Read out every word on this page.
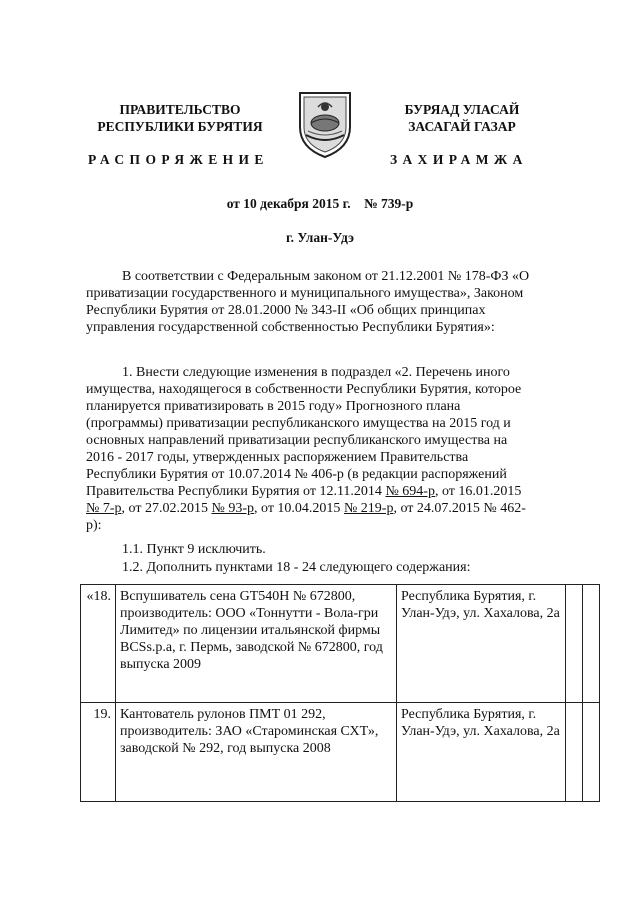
ПРАВИТЕЛЬСТВО
РЕСПУБЛИКИ БУРЯТИЯ
БУРЯАД УЛАСАЙ
ЗАСАГАЙ ГАЗАР
РАСПОРЯЖЕНИЕ	ЗАХИРАМЖА
от 10 декабря 2015 г.    № 739-р
г. Улан-Удэ
В соответствии с Федеральным законом от 21.12.2001 № 178-ФЗ «О
приватизации государственного и муниципального имущества», Законом
Республики Бурятия от 28.01.2000 № 343-II «Об общих принципах
управления государственной собственностью Республики Бурятия»:
1. Внести следующие изменения в подраздел «2. Перечень иного
имущества, находящегося в собственности Республики Бурятия, которое
планируется приватизировать в 2015 году» Прогнозного плана
(программы) приватизации республиканского имущества на 2015 год и
основных направлений приватизации республиканского имущества на
2016 - 2017 годы, утвержденных распоряжением Правительства
Республики Бурятия от 10.07.2014 № 406-р (в редакции распоряжений
Правительства Республики Бурятия от 12.11.2014 № 694-р, от 16.01.2015
№ 7-р, от 27.02.2015 № 93-р, от 10.04.2015 № 219-р, от 24.07.2015 № 462-
р):
1.1. Пункт 9 исключить.
1.2. Дополнить пунктами 18 - 24 следующего содержания:
«18.	Вспушиватель сена GT540H № 672800, производитель: ООО «Тоннутти - Вола-гри Лимитед» по лицензии итальянской фирмы BCSs.p.a, г. Пермь, заводской № 672800, год выпуска 2009	Республика Бурятия, г. Улан-Удэ, ул. Хахалова, 2а		
19.	Кантователь рулонов ПМТ 01 292, производитель: ЗАО «Староминская СХТ», заводской № 292, год выпуска 2008	Республика Бурятия, г. Улан-Удэ, ул. Хахалова, 2а		
